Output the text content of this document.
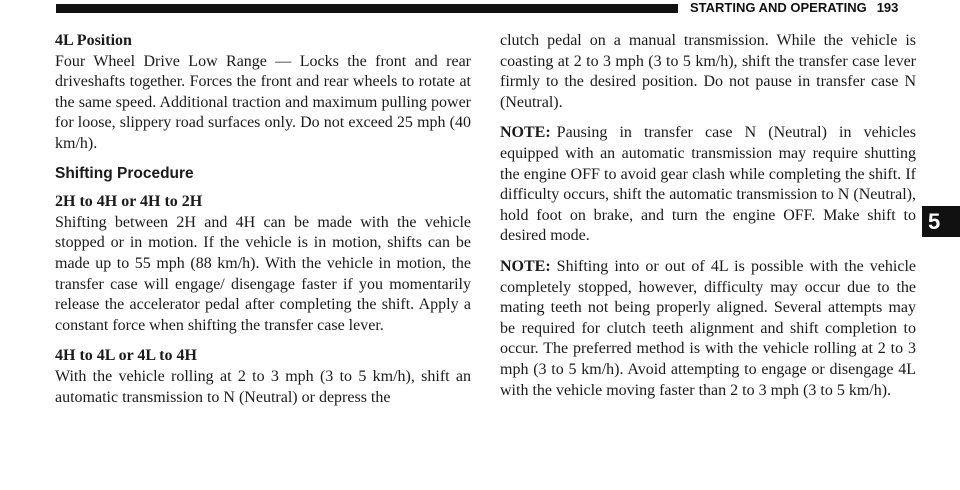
STARTING AND OPERATING 193

4L Position

Four Wheel Drive Low Range — Locks the front and rear driveshafts together. Forces the front and rear wheels to rotate at the same speed. Additional traction and maximum pulling power for loose, slippery road surfaces only. Do not exceed 25 mph (40 km/h).

Shifting Procedure

2H to 4H or 4H to 2H

Shifting between 2H and 4H can be made with the vehicle stopped or in motion. If the vehicle is in motion, shifts can be made up to 55 mph (88 km/h). With the vehicle in motion, the transfer case will engage/ disengage faster if you momentarily release the accelerator pedal after completing the shift. Apply a constant force when shifting the transfer case lever.

4H to 4L or 4L to 4H

With the vehicle rolling at 2 to 3 mph (3 to 5 km/h), shift an automatic transmission to N (Neutral) or depress the

clutch pedal on a manual transmission. While the vehicle is coasting at 2 to 3 mph (3 to 5 km/h), shift the transfer case lever firmly to the desired position. Do not pause in transfer case N (Neutral).

NOTE: Pausing in transfer case N (Neutral) in vehicles equipped with an automatic transmission may require shutting the engine OFF to avoid gear clash while completing the shift. If difficulty occurs, shift the automatic transmission to N (Neutral), hold foot on brake, and turn the engine OFF. Make shift to desired mode.

NOTE: Shifting into or out of 4L is possible with the vehicle completely stopped, however, difficulty may occur due to the mating teeth not being properly aligned. Several attempts may be required for clutch teeth alignment and shift completion to occur. The preferred method is with the vehicle rolling at 2 to 3 mph (3 to 5 km/h). Avoid attempting to engage or disengage 4L with the vehicle moving faster than 2 to 3 mph (3 to 5 km/h).

5
